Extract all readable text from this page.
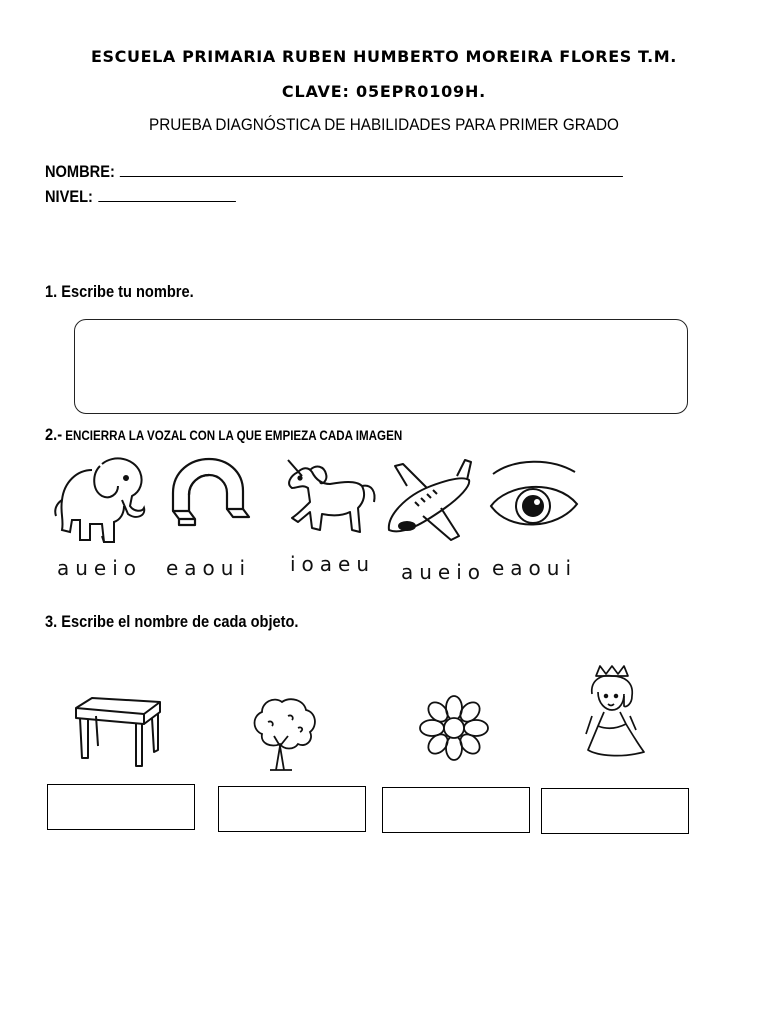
ESCUELA PRIMARIA RUBEN HUMBERTO MOREIRA FLORES T.M.
CLAVE: 05EPR0109H.
PRUEBA DIAGNÓSTICA DE HABILIDADES PARA PRIMER GRADO
NOMBRE:
NIVEL:
1. Escribe tu nombre.
2.- ENCIERRA LA VOZAL CON LA QUE EMPIEZA CADA IMAGEN
aueio eaoui ioaeu aueio eaoui
3. Escribe el nombre de cada objeto.
